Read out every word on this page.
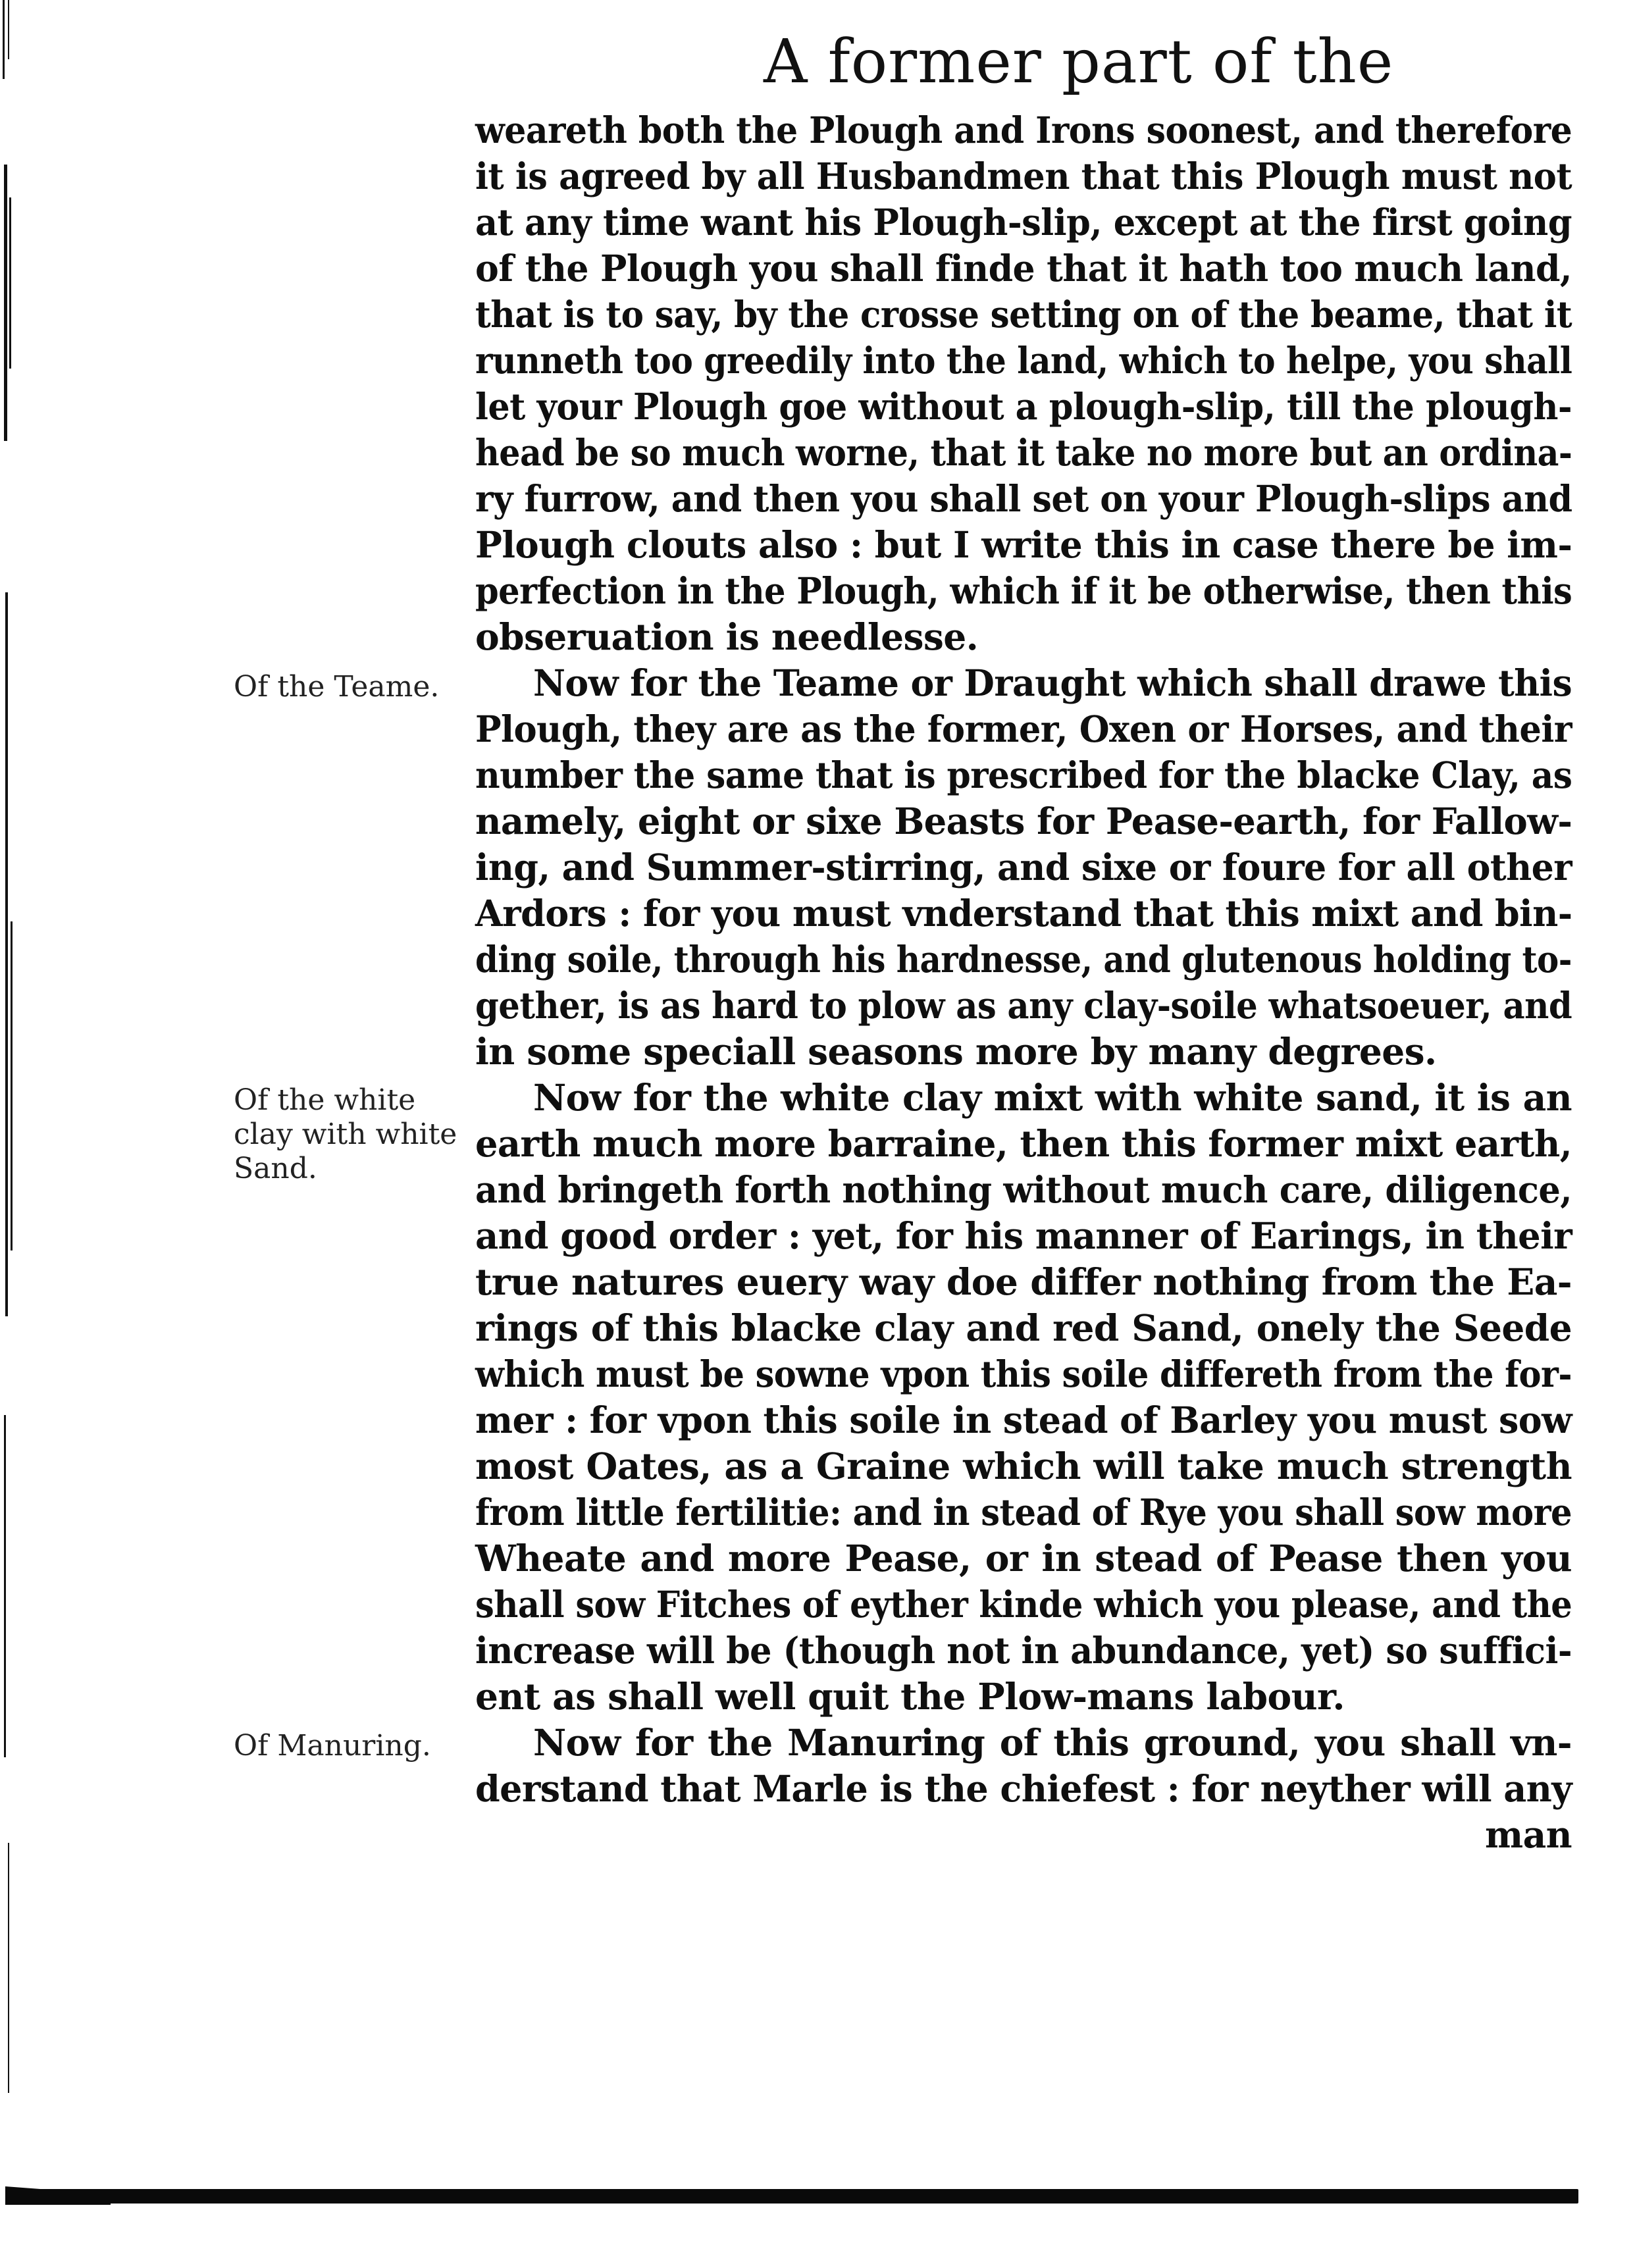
A former part of the
weareth both the Plough and Irons soonest, and therefore
it is agreed by all Husbandmen that this Plough must not
at any time want his Plough-slip, except at the first going
of the Plough you shall finde that it hath too much land,
that is to say, by the crosse setting on of the beame, that it
runneth too greedily into the land, which to helpe, you shall
let your Plough goe without a plough-slip, till the plough-
head be so much worne, that it take no more but an ordina-
ry furrow, and then you shall set on your Plough-slips and
Plough clouts also : but I write this in case there be im-
perfection in the Plough, which if it be otherwise, then this
obseruation is needlesse.
Now for the Teame or Draught which shall drawe this
Plough, they are as the former, Oxen or Horses, and their
number the same that is prescribed for the blacke Clay, as
namely, eight or sixe Beasts for Pease-earth, for Fallow-
ing, and Summer-stirring, and sixe or foure for all other
Ardors : for you must vnderstand that this mixt and bin-
ding soile, through his hardnesse, and glutenous holding to-
gether, is as hard to plow as any clay-soile whatsoeuer, and
in some speciall seasons more by many degrees.
Now for the white clay mixt with white sand, it is an
earth much more barraine, then this former mixt earth,
and bringeth forth nothing without much care, diligence,
and good order : yet, for his manner of Earings, in their
true natures euery way doe differ nothing from the Ea-
rings of this blacke clay and red Sand, onely the Seede
which must be sowne vpon this soile differeth from the for-
mer : for vpon this soile in stead of Barley you must sow
most Oates, as a Graine which will take much strength
from little fertilitie: and in stead of Rye you shall sow more
Wheate and more Pease, or in stead of Pease then you
shall sow Fitches of eyther kinde which you please, and the
increase will be (though not in abundance, yet) so suffici-
ent as shall well quit the Plow-mans labour.
Now for the Manuring of this ground, you shall vn-
derstand that Marle is the chiefest : for neyther will any
man
Of the Teame.
Of the white
clay with white
Sand.
Of Manuring.
